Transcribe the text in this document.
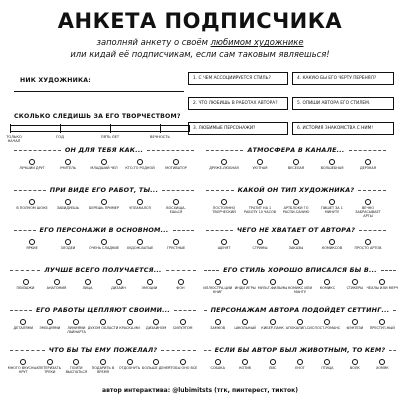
АНКЕТА ПОДПИСЧИКА
заполняй анкету о своём любимом художнике
или кидай её подписчикам, если сам таковым являешься!
НИК ХУДОЖНИКА:
СКОЛЬКО СЛЕДИШЬ ЗА ЕГО ТВОРЧЕСТВОМ?
ТОЛЬКО НАЧАЛ
ГОД	ПЯТЬ ЛЕТ	ВЕЧНОСТЬ
1. С ЧЕМ АССОЦИИРУЕТСЯ СТИЛЬ?	4. КАКУЮ БЫ ЕГО ЧЕРТУ ПЕРЕНЯЛ?
2. ЧТО ЛЮБИШЬ В РАБОТАХ АВТОРА?	5. ОПИШИ АВТОРА ЕГО СТИЛЕМ.
3. ЛЮБИМЫЕ ПЕРСОНАЖИ?	6. ИСТОРИЯ ЗНАКОМСТВА С НИМ!
ОН ДЛЯ ТЕБЯ КАК...
ЛУЧШИЙ ДРУГ	УЧИТЕЛЬ	МЛАДШИЙ ЧЕЛ	КТО-ТО РОДНОЙ	МОТИВАТОР
АТМОСФЕРА В КАНАЛЕ...
ДРУЖЕ-ЛЮБНАЯ	УЮТНАЯ	ВЕСЁЛАЯ	ВОЛШЕБНАЯ	ДЕРЗКАЯ
ПРИ ВИДЕ ЕГО РАБОТ, ТЫ...
В ПОЛНОМ ШОКЕ	ЗАВИДУЕШЬ	БЕРЕШЬ ПРИМЕР	УПЛАКАЛСЯ	ВОСХИЩА-ЕШЬСЯ
КАКОЙ ОН ТИП ХУДОЖНИКА?
ПОСТОЯННО ТВОРЧЕСКИЙ
ТРАТИТ НА 1 РАБОТУ 10 ЧАСОВ
АРТБЛОКИ ГО РАСПИ-САНИЮ
ПИШЕТ ЗА 1 МИНУТУ
ВЕЧНО ЗАБРАСЫВАЕТ АРТЫ
ЕГО ПЕРСОНАЖИ В ОСНОВНОМ...
ЯРКИЕ	ЗЛОДЕИ	ОЧЕНЬ СЛАДКИЕ	ХУДОЖ-ВАТЫЕ	ГРУСТНЫЕ
ЧЕГО НЕ ХВАТАЕТ ОТ АВТОРА?
ЩЕНЯТ	СТРИМЫ	ЗАКАЗЫ	КОМИКСОВ	ПРОСТО АРТОВ
ЛУЧШЕ ВСЕГО ПОЛУЧАЕТСЯ...
ПЕЙЗАЖИ	АНАТОМИЯ	ЛИЦА	ДИЗАЙН	ЭМОЦИИ	ФОН
ЕГО СТИЛЬ ХОРОШО ВПИСАЛСЯ БЫ В...
ИЛЛЮСТРА-ЦИИ КНИГ
ИНДИ ИГРЫ МУЛЬТ-ФИЛЬМЫ КОМИКС ИЛИ МАНГУ
КОМИКС	СТИКЕРЫ ЧЕХЛЫ ИЛИ МЕРЧ
ЕГО РАБОТЫ ЦЕПЛЯЮТ СВОИМИ...
ДЕТАЛЯМИ	ЭМОЦИЯМИ	ЛИНИЯМИ ЛАЙНАРТА
ДУХОМ ОБЛАСТИ КРАСКА-МИ	ДИЗАЙНОМ	СИЛУЭТОМ
ПЕРСОНАЖАМ АВТОРА ПОДОЙДЕТ СЕТТИНГ...
ЗАМКОВ	ШКОЛЬНЫЙ	КИБЕР-ПАНК АПОКАЛИП-СИС ПОСТ-РОМАНС	ФЭНТЕЗИ	ПРЕСТУП-НЫЙ
ЧТО БЫ ТЫ ЕМУ ПОЖЕЛАЛ?
МНОГО ВКУСНЫХ КРУТ
ПЕТЕРИЗАТЬ ТРЕКИ
ПОЙТИ ВЫСПАТЬСЯ
ПОДАРИТЬ В ВРЕМЯ
ОТДОХНУТЬ БОЛЬШЕ ДЕНЕГ
ЧТОБЫ ОНО ВСЕ
ЕСЛИ БЫ АВТОР БЫЛ ЖИВОТНЫМ, ТО КЕМ?
СОБАКА	КОТИК	ЛИС	ЕНОТ	ПТИЦА	ВОЛК	ХОМЯК
автор интерактива: @lubimitsts (тгк, пинтерест, тикток)
